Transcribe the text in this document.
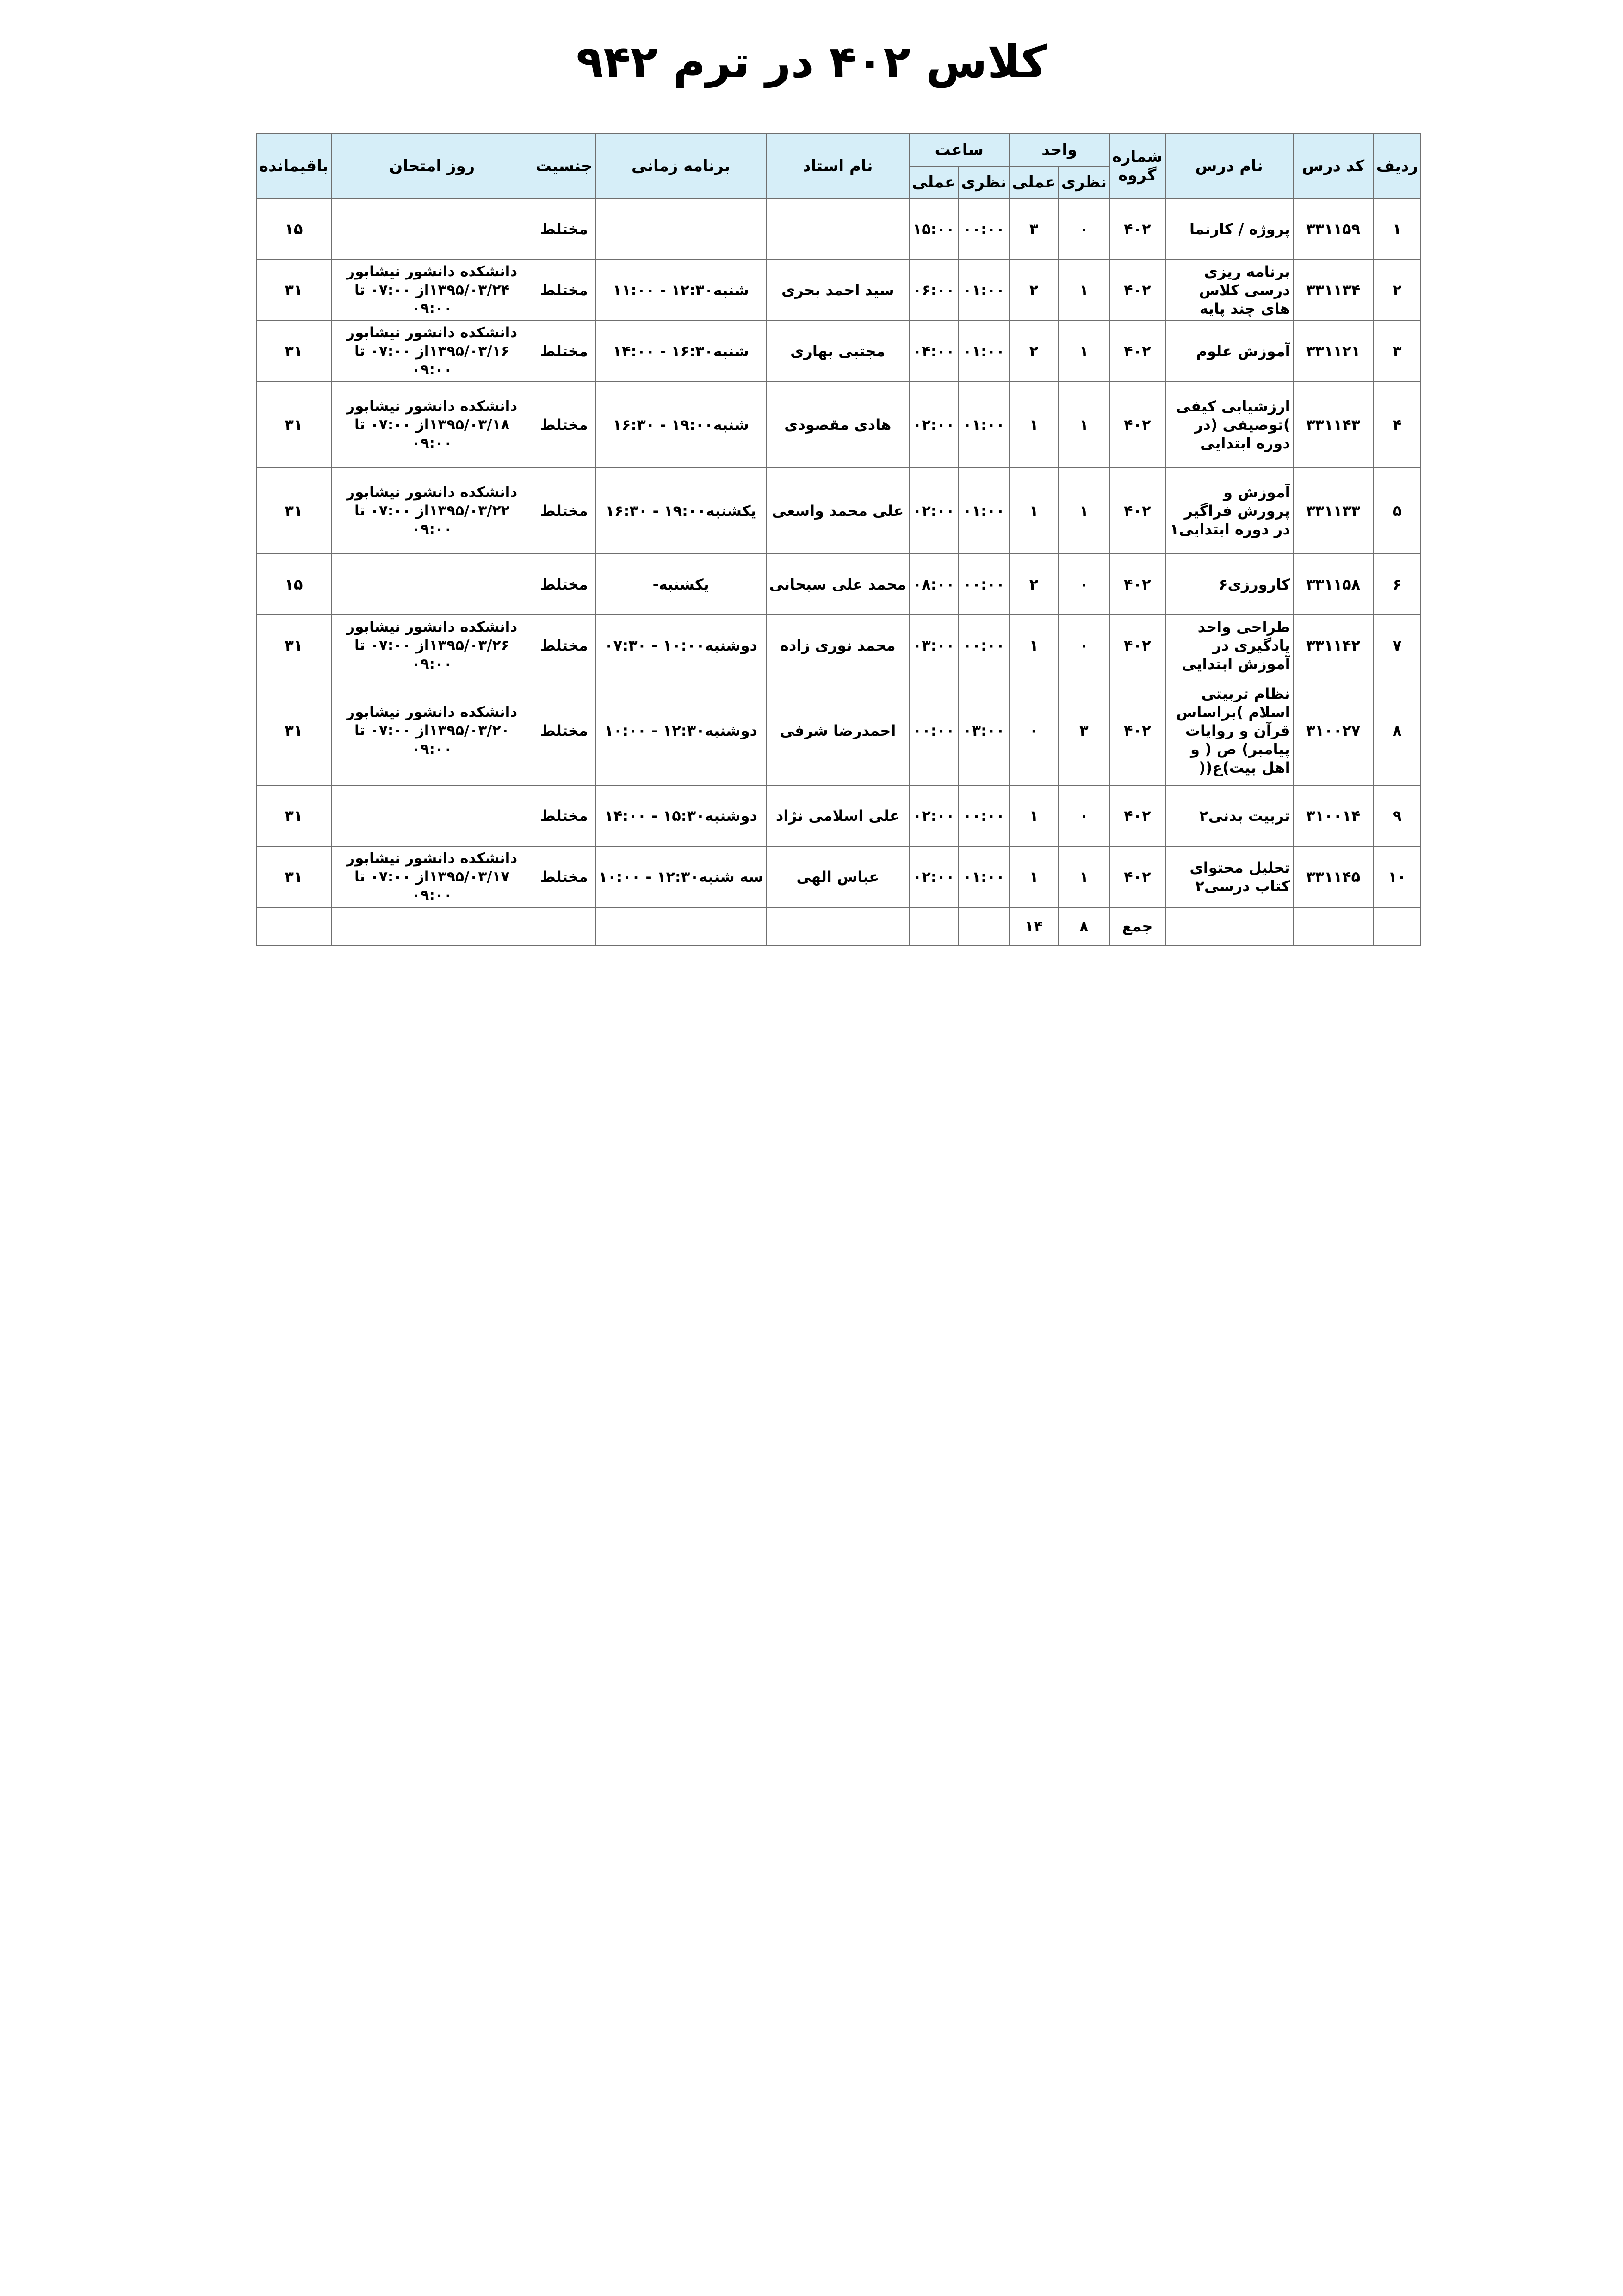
کلاس ۴۰۲ در ترم ۹۴۲
ردیف	کد درس	نام درس	شماره گروه	واحد		ساعت		نام استاد	برنامه زمانی	جنسیت	روز امتحان	باقیمانده
				نظری	عملی	نظری	عملی					
۱	۳۳۱۱۵۹	پروژه / کارنما	۴۰۲	۰	۳	۰۰:۰۰	۱۵:۰۰			مختلط		۱۵
۲	۳۳۱۱۳۴	برنامه ریزی درسی کلاس های چند پایه	۴۰۲	۱	۲	۰۱:۰۰	۰۶:۰۰	سید احمد بحری	شنبه۱۲:۳۰ - ۱۱:۰۰	مختلط	دانشکده دانشور نیشابور ۱۳۹۵/۰۳/۲۴از ۰۷:۰۰ تا ۰۹:۰۰	۳۱
۳	۳۳۱۱۲۱	آموزش علوم	۴۰۲	۱	۲	۰۱:۰۰	۰۴:۰۰	مجتبی بهاری	شنبه۱۶:۳۰ - ۱۴:۰۰	مختلط	دانشکده دانشور نیشابور ۱۳۹۵/۰۳/۱۶از ۰۷:۰۰ تا ۰۹:۰۰	۳۱
۴	۳۳۱۱۴۳	ارزشیابی کیفی )توصیفی (در دوره ابتدایی	۴۰۲	۱	۱	۰۱:۰۰	۰۲:۰۰	هادی مقصودی	شنبه۱۹:۰۰ - ۱۶:۳۰	مختلط	دانشکده دانشور نیشابور ۱۳۹۵/۰۳/۱۸از ۰۷:۰۰ تا ۰۹:۰۰	۳۱
۵	۳۳۱۱۳۳	آموزش و پرورش فراگیر در دوره ابتدایی۱	۴۰۲	۱	۱	۰۱:۰۰	۰۲:۰۰	علی محمد واسعی	یکشنبه۱۹:۰۰ - ۱۶:۳۰	مختلط	دانشکده دانشور نیشابور ۱۳۹۵/۰۳/۲۲از ۰۷:۰۰ تا ۰۹:۰۰	۳۱
۶	۳۳۱۱۵۸	کارورزی۶	۴۰۲	۰	۲	۰۰:۰۰	۰۸:۰۰	محمد علی سبحانی	یکشنبه-	مختلط		۱۵
۷	۳۳۱۱۴۲	طراحی واحد یادگیری در آموزش ابتدایی	۴۰۲	۰	۱	۰۰:۰۰	۰۳:۰۰	محمد نوری زاده	دوشنبه۱۰:۰۰ - ۰۷:۳۰	مختلط	دانشکده دانشور نیشابور ۱۳۹۵/۰۳/۲۶از ۰۷:۰۰ تا ۰۹:۰۰	۳۱
۸	۳۱۰۰۲۷	نظام تربیتی اسلام )براساس قرآن و روایات پیامبر) ص ( و اهل بیت)ع((	۴۰۲	۳	۰	۰۳:۰۰	۰۰:۰۰	احمدرضا شرفی	دوشنبه۱۲:۳۰ - ۱۰:۰۰	مختلط	دانشکده دانشور نیشابور ۱۳۹۵/۰۳/۲۰از ۰۷:۰۰ تا ۰۹:۰۰	۳۱
۹	۳۱۰۰۱۴	تربیت بدنی۲	۴۰۲	۰	۱	۰۰:۰۰	۰۲:۰۰	علی اسلامی نژاد	دوشنبه۱۵:۳۰ - ۱۴:۰۰	مختلط		۳۱
۱۰	۳۳۱۱۴۵	تحلیل محتوای کتاب درسی۲	۴۰۲	۱	۱	۰۱:۰۰	۰۲:۰۰	عباس الهی	سه شنبه۱۲:۳۰ - ۱۰:۰۰	مختلط	دانشکده دانشور نیشابور ۱۳۹۵/۰۳/۱۷از ۰۷:۰۰ تا ۰۹:۰۰	۳۱
			جمع	۸	۱۴							
